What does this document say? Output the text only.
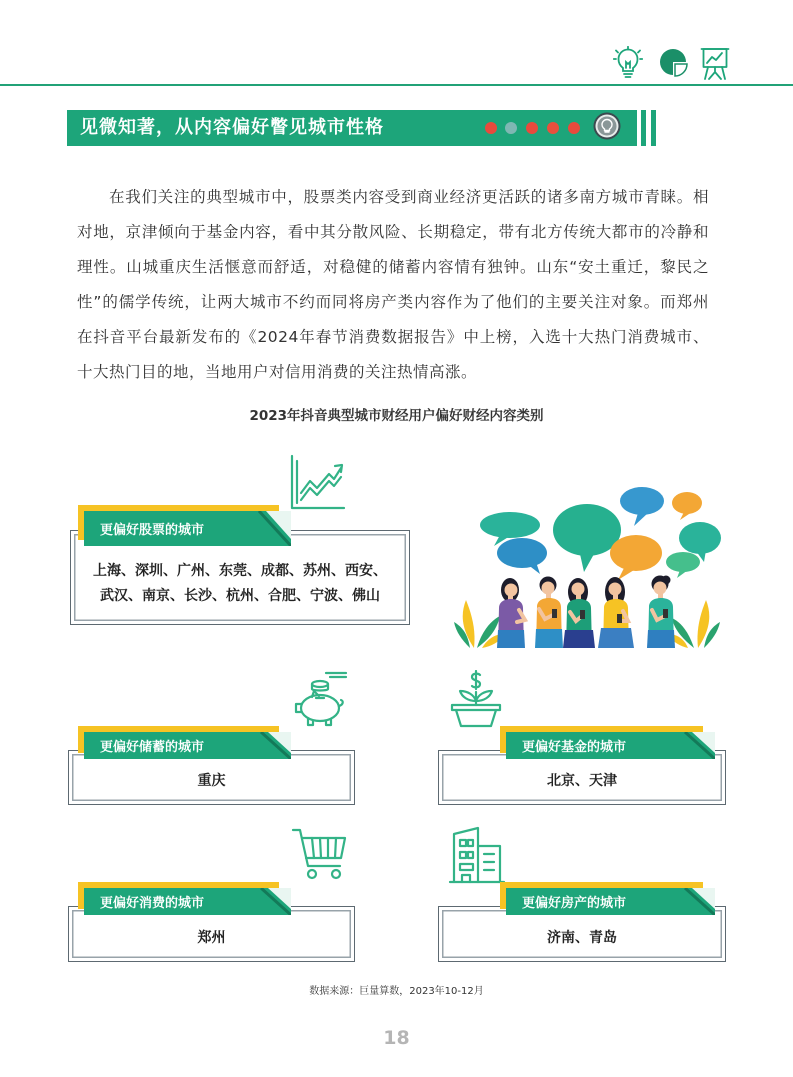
见微知著，从内容偏好瞥见城市性格
在我们关注的典型城市中，股票类内容受到商业经济更活跃的诸多南方城市青睐。相对地，京津倾向于基金内容，看中其分散风险、长期稳定，带有北方传统大都市的冷静和理性。山城重庆生活惬意而舒适，对稳健的储蓄内容情有独钟。山东“安土重迁，黎民之性”的儒学传统，让两大城市不约而同将房产类内容作为了他们的主要关注对象。而郑州在抖音平台最新发布的《2024年春节消费数据报告》中上榜，入选十大热门消费城市、十大热门目的地，当地用户对信用消费的关注热情高涨。
2023年抖音典型城市财经用户偏好财经内容类别
上海、深圳、广州、东莞、成都、苏州、西安、
武汉、南京、长沙、杭州、合肥、宁波、佛山
重庆	北京、天津
郑州	济南、青岛
更偏好股票的城市
更偏好储蓄的城市	更偏好基金的城市
更偏好消费的城市	更偏好房产的城市
数据来源：巨量算数，2023年10-12月
18
